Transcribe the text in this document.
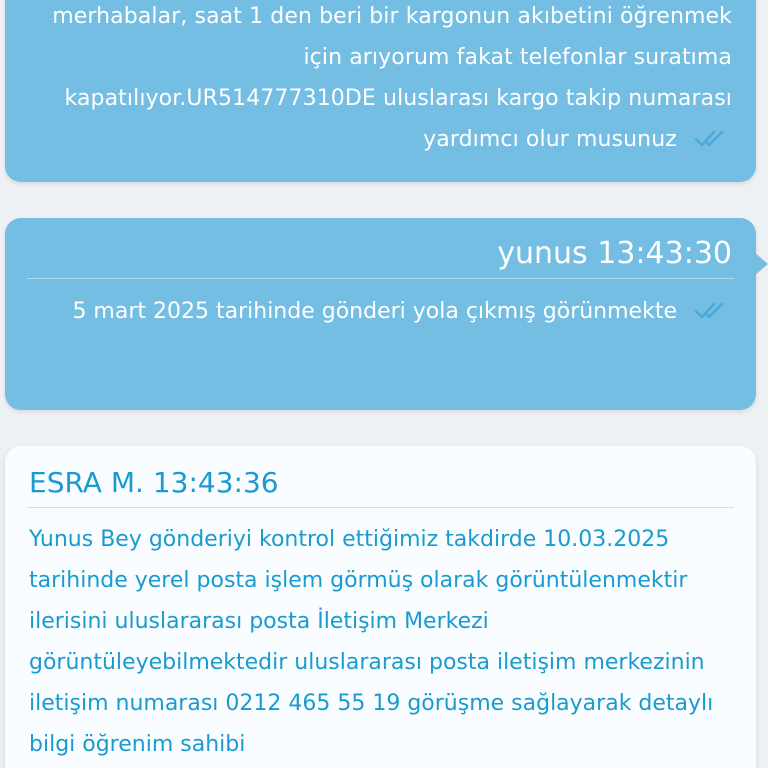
merhabalar, saat 1 den beri bir kargonun akıbetini öğrenmek için arıyorum fakat telefonlar suratıma kapatılıyor.UR514777310DE uluslarası kargo takip numarası yardımcı olur musunuz
yunus 13:43:30
5 mart 2025 tarihinde gönderi yola çıkmış görünmekte
ESRA M. 13:43:36
Yunus Bey gönderiyi kontrol ettiğimiz takdirde 10.03.2025 tarihinde yerel posta işlem görmüş olarak görüntülenmektir ilerisini uluslararası posta İletişim Merkezi görüntüleyebilmektedir uluslararası posta iletişim merkezinin iletişim numarası 0212 465 55 19 görüşme sağlayarak detaylı bilgi öğrenim sahibi
